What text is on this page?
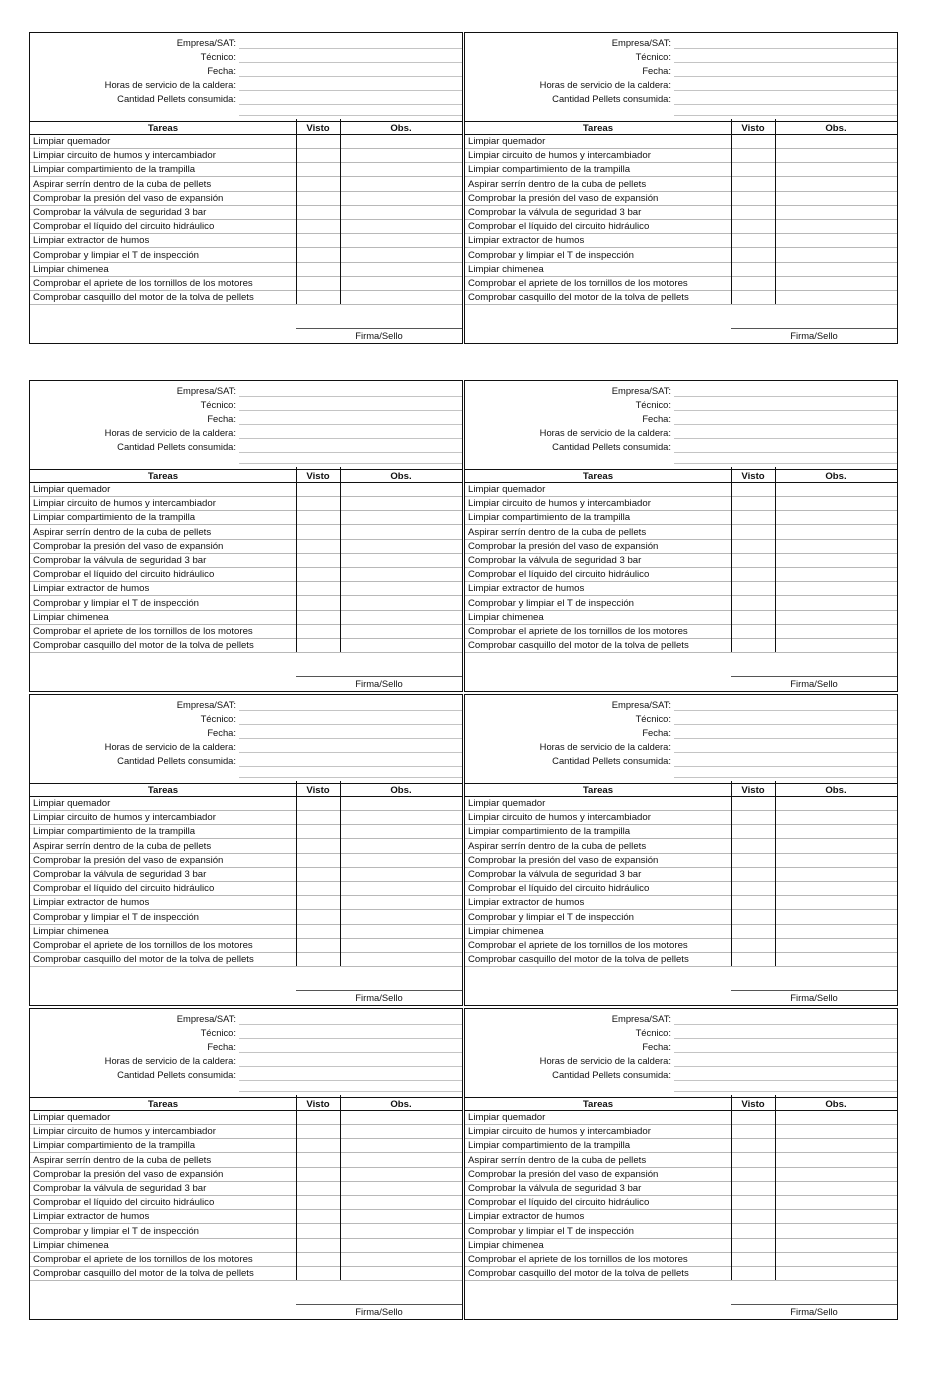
Empresa/SAT:
Técnico:
Fecha:
Horas de servicio de la caldera:
Cantidad Pellets consumida:
Tareas	Visto	Obs.
Limpiar quemador
Limpiar circuito de humos y intercambiador
Limpiar compartimiento de la trampilla
Aspirar serrín dentro de la cuba de pellets
Comprobar la presión del vaso de expansión
Comprobar la válvula de seguridad 3 bar
Comprobar el líquido del circuito hidráulico
Limpiar extractor de humos
Comprobar y limpiar el T de inspección
Limpiar chimenea
Comprobar el apriete de los tornillos de los motores
Comprobar casquillo del motor de la tolva de pellets
Firma/Sello
Empresa/SAT:
Técnico:
Fecha:
Horas de servicio de la caldera:
Cantidad Pellets consumida:
Tareas	Visto	Obs.
Limpiar quemador
Limpiar circuito de humos y intercambiador
Limpiar compartimiento de la trampilla
Aspirar serrín dentro de la cuba de pellets
Comprobar la presión del vaso de expansión
Comprobar la válvula de seguridad 3 bar
Comprobar el líquido del circuito hidráulico
Limpiar extractor de humos
Comprobar y limpiar el T de inspección
Limpiar chimenea
Comprobar el apriete de los tornillos de los motores
Comprobar casquillo del motor de la tolva de pellets
Firma/Sello
Empresa/SAT:
Técnico:
Fecha:
Horas de servicio de la caldera:
Cantidad Pellets consumida:
Tareas	Visto	Obs.
Limpiar quemador
Limpiar circuito de humos y intercambiador
Limpiar compartimiento de la trampilla
Aspirar serrín dentro de la cuba de pellets
Comprobar la presión del vaso de expansión
Comprobar la válvula de seguridad 3 bar
Comprobar el líquido del circuito hidráulico
Limpiar extractor de humos
Comprobar y limpiar el T de inspección
Limpiar chimenea
Comprobar el apriete de los tornillos de los motores
Comprobar casquillo del motor de la tolva de pellets
Firma/Sello
Empresa/SAT:
Técnico:
Fecha:
Horas de servicio de la caldera:
Cantidad Pellets consumida:
Tareas	Visto	Obs.
Limpiar quemador
Limpiar circuito de humos y intercambiador
Limpiar compartimiento de la trampilla
Aspirar serrín dentro de la cuba de pellets
Comprobar la presión del vaso de expansión
Comprobar la válvula de seguridad 3 bar
Comprobar el líquido del circuito hidráulico
Limpiar extractor de humos
Comprobar y limpiar el T de inspección
Limpiar chimenea
Comprobar el apriete de los tornillos de los motores
Comprobar casquillo del motor de la tolva de pellets
Firma/Sello
Empresa/SAT:
Técnico:
Fecha:
Horas de servicio de la caldera:
Cantidad Pellets consumida:
Tareas	Visto	Obs.
Limpiar quemador
Limpiar circuito de humos y intercambiador
Limpiar compartimiento de la trampilla
Aspirar serrín dentro de la cuba de pellets
Comprobar la presión del vaso de expansión
Comprobar la válvula de seguridad 3 bar
Comprobar el líquido del circuito hidráulico
Limpiar extractor de humos
Comprobar y limpiar el T de inspección
Limpiar chimenea
Comprobar el apriete de los tornillos de los motores
Comprobar casquillo del motor de la tolva de pellets
Firma/Sello
Empresa/SAT:
Técnico:
Fecha:
Horas de servicio de la caldera:
Cantidad Pellets consumida:
Tareas	Visto	Obs.
Limpiar quemador
Limpiar circuito de humos y intercambiador
Limpiar compartimiento de la trampilla
Aspirar serrín dentro de la cuba de pellets
Comprobar la presión del vaso de expansión
Comprobar la válvula de seguridad 3 bar
Comprobar el líquido del circuito hidráulico
Limpiar extractor de humos
Comprobar y limpiar el T de inspección
Limpiar chimenea
Comprobar el apriete de los tornillos de los motores
Comprobar casquillo del motor de la tolva de pellets
Firma/Sello
Empresa/SAT:
Técnico:
Fecha:
Horas de servicio de la caldera:
Cantidad Pellets consumida:
Tareas	Visto	Obs.
Limpiar quemador
Limpiar circuito de humos y intercambiador
Limpiar compartimiento de la trampilla
Aspirar serrín dentro de la cuba de pellets
Comprobar la presión del vaso de expansión
Comprobar la válvula de seguridad 3 bar
Comprobar el líquido del circuito hidráulico
Limpiar extractor de humos
Comprobar y limpiar el T de inspección
Limpiar chimenea
Comprobar el apriete de los tornillos de los motores
Comprobar casquillo del motor de la tolva de pellets
Firma/Sello
Empresa/SAT:
Técnico:
Fecha:
Horas de servicio de la caldera:
Cantidad Pellets consumida:
Tareas	Visto	Obs.
Limpiar quemador
Limpiar circuito de humos y intercambiador
Limpiar compartimiento de la trampilla
Aspirar serrín dentro de la cuba de pellets
Comprobar la presión del vaso de expansión
Comprobar la válvula de seguridad 3 bar
Comprobar el líquido del circuito hidráulico
Limpiar extractor de humos
Comprobar y limpiar el T de inspección
Limpiar chimenea
Comprobar el apriete de los tornillos de los motores
Comprobar casquillo del motor de la tolva de pellets
Firma/Sello
